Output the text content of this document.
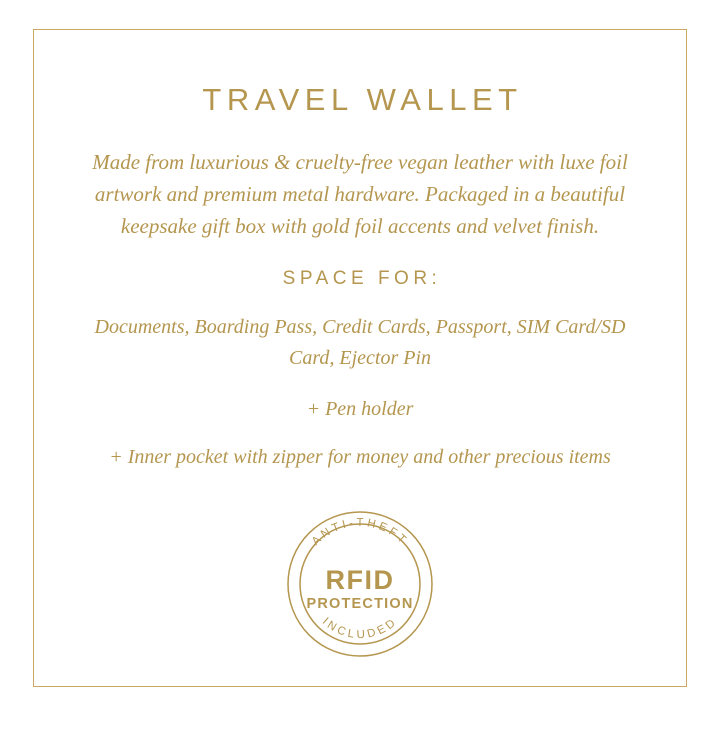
TRAVEL WALLET

Made from luxurious & cruelty-free vegan leather with luxe foil artwork and premium metal hardware. Packaged in a beautiful keepsake gift box with gold foil accents and velvet finish.

SPACE FOR:

Documents, Boarding Pass, Credit Cards, Passport, SIM Card/SD Card, Ejector Pin

+ Pen holder

+ Inner pocket with zipper for money and other precious items

ANTI-THEFT
INCLUDED
RFID
PROTECTION
